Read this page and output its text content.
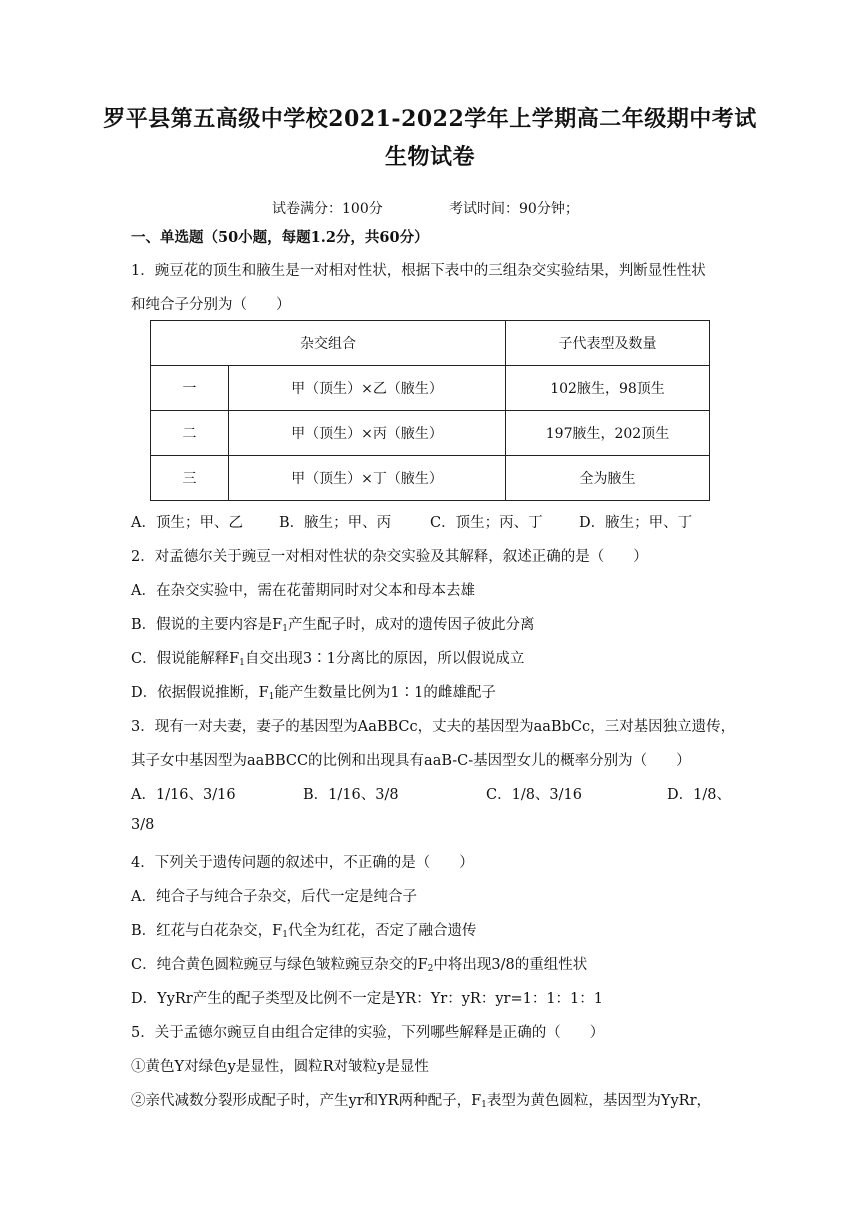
罗平县第五高级中学校2021-2022学年上学期高二年级期中考试
生物试卷
试卷满分：100分	考试时间：90分钟；
一、单选题（50小题，每题1.2分，共60分）
1．豌豆花的顶生和腋生是一对相对性状，根据下表中的三组杂交实验结果，判断显性性状
和纯合子分别为（　　）
杂交组合		子代表型及数量
一	甲（顶生）×乙（腋生）	102腋生，98顶生
二	甲（顶生）×丙（腋生）	197腋生，202顶生
三	甲（顶生）×丁（腋生）	全为腋生
A．顶生；甲、乙 B．腋生；甲、丙	C．顶生；丙、丁	D．腋生；甲、丁
2．对孟德尔关于豌豆一对相对性状的杂交实验及其解释，叙述正确的是（　　）
A．在杂交实验中，需在花蕾期同时对父本和母本去雄
B．假说的主要内容是$F_1$产生配子时，成对的遗传因子彼此分离
C．假说能解释$F_1$自交出现3∶1分离比的原因，所以假说成立
D．依据假说推断，$F_1$能产生数量比例为1∶1的雌雄配子
3．现有一对夫妻，妻子的基因型为AaBBCc，丈夫的基因型为aaBbCc，三对基因独立遗传，
其子女中基因型为aaBBCC的比例和出现具有aaB-C-基因型女儿的概率分别为（　　）
A．1/16、3/16	B．1/16、3/8	C．1/8、3/16	D．1/8、
3/8
4．下列关于遗传问题的叙述中，不正确的是（　　）
A．纯合子与纯合子杂交，后代一定是纯合子
B．红花与白花杂交，$F_1$代全为红花，否定了融合遗传
C．纯合黄色圆粒豌豆与绿色皱粒豌豆杂交的$F_2$中将出现3/8的重组性状
D．YyRr产生的配子类型及比例不一定是YR：Yr：yR：yr=1：1：1：1
5．关于孟德尔豌豆自由组合定律的实验，下列哪些解释是正确的（　　）
①黄色Y对绿色y是显性，圆粒R对皱粒y是显性
②亲代减数分裂形成配子时，产生yr和YR两种配子，$F_1$表型为黄色圆粒，基因型为YyRr，
